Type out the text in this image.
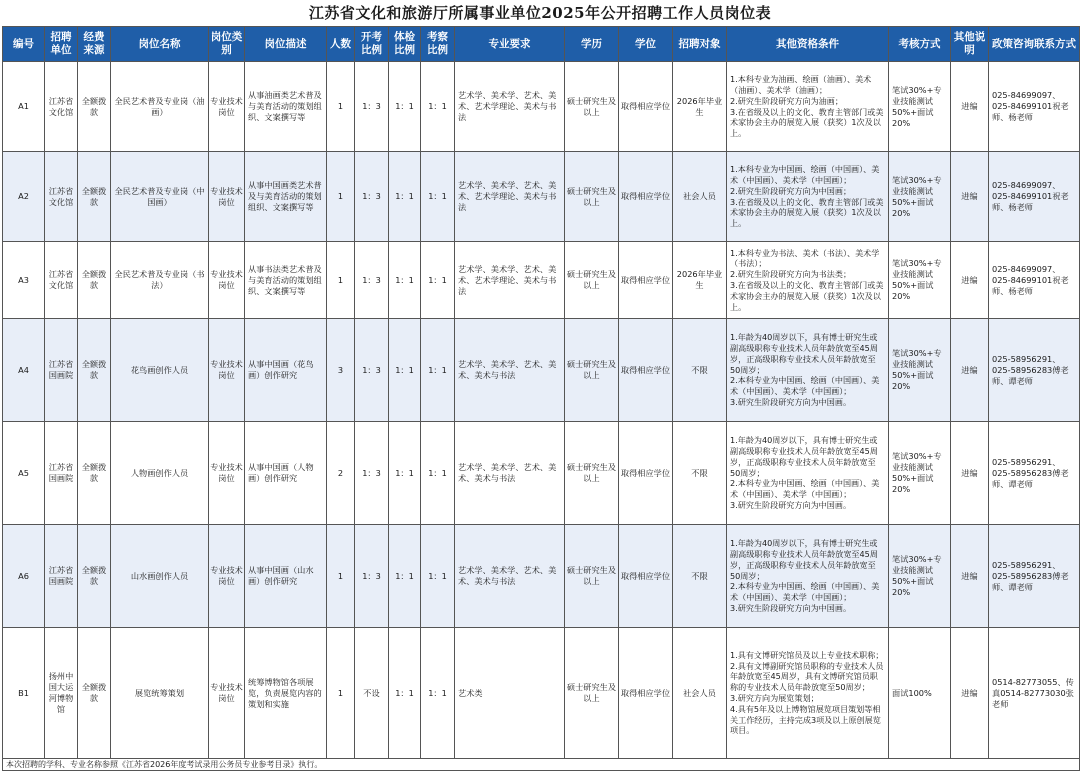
江苏省文化和旅游厅所属事业单位2025年公开招聘工作人员岗位表
编号	招聘单位	经费来源	岗位名称	岗位类别	岗位描述	人数	开考比例	体检比例	考察比例	专业要求	学历	学位	招聘对象	其他资格条件	考核方式	其他说明	政策咨询联系方式
A1	江苏省文化馆	全额拨款	全民艺术普及专业岗（油画）	专业技术岗位	从事油画类艺术普及与美育活动的策划组织、文案撰写等	1	1：3	1：1	1：1	艺术学、美术学、艺术、美术、艺术学理论、美术与书法	硕士研究生及以上	取得相应学位	2026年毕业生	1.本科专业为油画、绘画（油画）、美术（油画）、美术学（油画）；
2.研究生阶段研究方向为油画；
3.在省级及以上的文化、教育主管部门或美术家协会主办的展览入展（获奖）1次及以上。	笔试30%+专业技能测试50%+面试20%	进编	025-84699097、025-84699101祝老师、杨老师
A2	江苏省文化馆	全额拨款	全民艺术普及专业岗（中国画）	专业技术岗位	从事中国画类艺术普及与美育活动的策划组织、文案撰写等	1	1：3	1：1	1：1	艺术学、美术学、艺术、美术、艺术学理论、美术与书法	硕士研究生及以上	取得相应学位	社会人员	1.本科专业为中国画、绘画（中国画）、美术（中国画）、美术学（中国画）；
2.研究生阶段研究方向为中国画；
3.在省级及以上的文化、教育主管部门或美术家协会主办的展览入展（获奖）1次及以上。	笔试30%+专业技能测试50%+面试20%	进编	025-84699097、025-84699101祝老师、杨老师
A3	江苏省文化馆	全额拨款	全民艺术普及专业岗（书法）	专业技术岗位	从事书法类艺术普及与美育活动的策划组织、文案撰写等	1	1：3	1：1	1：1	艺术学、美术学、艺术、美术、艺术学理论、美术与书法	硕士研究生及以上	取得相应学位	2026年毕业生	1.本科专业为书法、美术（书法）、美术学（书法）；
2.研究生阶段研究方向为书法类；
3.在省级及以上的文化、教育主管部门或美术家协会主办的展览入展（获奖）1次及以上。	笔试30%+专业技能测试50%+面试20%	进编	025-84699097、025-84699101祝老师、杨老师
A4	江苏省国画院	全额拨款	花鸟画创作人员	专业技术岗位	从事中国画（花鸟画）创作研究	3	1：3	1：1	1：1	艺术学、美术学、艺术、美术、美术与书法	硕士研究生及以上	取得相应学位	不限	1.年龄为40周岁以下，具有博士研究生或副高级职称专业技术人员年龄放宽至45周岁，正高级职称专业技术人员年龄放宽至50周岁；
2.本科专业为中国画、绘画（中国画）、美术（中国画）、美术学（中国画）；
3.研究生阶段研究方向为中国画。	笔试30%+专业技能测试50%+面试20%	进编	025-58956291、025-58956283傅老师、谭老师
A5	江苏省国画院	全额拨款	人物画创作人员	专业技术岗位	从事中国画（人物画）创作研究	2	1：3	1：1	1：1	艺术学、美术学、艺术、美术、美术与书法	硕士研究生及以上	取得相应学位	不限	1.年龄为40周岁以下，具有博士研究生或副高级职称专业技术人员年龄放宽至45周岁，正高级职称专业技术人员年龄放宽至50周岁；
2.本科专业为中国画、绘画（中国画）、美术（中国画）、美术学（中国画）；
3.研究生阶段研究方向为中国画。	笔试30%+专业技能测试50%+面试20%	进编	025-58956291、025-58956283傅老师、谭老师
A6	江苏省国画院	全额拨款	山水画创作人员	专业技术岗位	从事中国画（山水画）创作研究	1	1：3	1：1	1：1	艺术学、美术学、艺术、美术、美术与书法	硕士研究生及以上	取得相应学位	不限	1.年龄为40周岁以下，具有博士研究生或副高级职称专业技术人员年龄放宽至45周岁，正高级职称专业技术人员年龄放宽至50周岁；
2.本科专业为中国画、绘画（中国画）、美术（中国画）、美术学（中国画）；
3.研究生阶段研究方向为中国画。	笔试30%+专业技能测试50%+面试20%	进编	025-58956291、025-58956283傅老师、谭老师
B1	扬州中国大运河博物馆	全额拨款	展览统筹策划	专业技术岗位	统筹博物馆各项展览，负责展览内容的策划和实施	1	不设	1：1	1：1	艺术类	硕士研究生及以上	取得相应学位	社会人员	1.具有文博研究馆员及以上专业技术职称；
2.具有文博副研究馆员职称的专业技术人员年龄放宽至45周岁，具有文博研究馆员职称的专业技术人员年龄放宽至50周岁；
3.研究方向为展览策划；
4.具有5年及以上博物馆展览项目策划等相关工作经历，主持完成3项及以上原创展览项目。	面试100%	进编	0514-82773055、传真0514-82773030张老师
本次招聘的学科、专业名称参照《江苏省2026年度考试录用公务员专业参考目录》执行。																	
